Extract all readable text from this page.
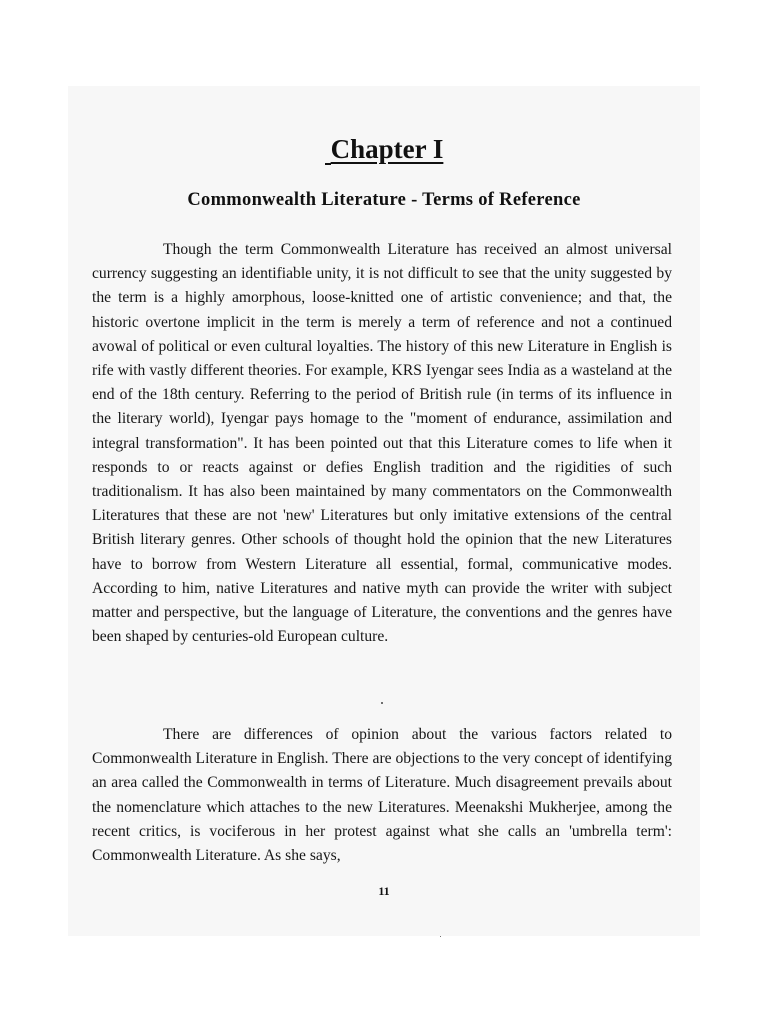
Chapter I
Commonwealth Literature - Terms of Reference

Though the term Commonwealth Literature has received an almost universal currency suggesting an identifiable unity, it is not difficult to see that the unity suggested by the term is a highly amorphous, loose-knitted one of artistic convenience; and that, the historic overtone implicit in the term is merely a term of reference and not a continued avowal of political or even cultural loyalties. The history of this new Literature in English is rife with vastly different theories. For example, KRS Iyengar sees India as a wasteland at the end of the 18th century. Referring to the period of British rule (in terms of its influence in the literary world), Iyengar pays homage to the "moment of endurance, assimilation and integral transformation". It has been pointed out that this Literature comes to life when it responds to or reacts against or defies English tradition and the rigidities of such traditionalism. It has also been maintained by many commentators on the Commonwealth Literatures that these are not 'new' Literatures but only imitative extensions of the central British literary genres. Other schools of thought hold the opinion that the new Literatures have to borrow from Western Literature all essential, formal, communicative modes. According to him, native Literatures and native myth can provide the writer with subject matter and perspective, but the language of Literature, the conventions and the genres have been shaped by centuries-old European culture.

There are differences of opinion about the various factors related to Commonwealth Literature in English. There are objections to the very concept of identifying an area called the Commonwealth in terms of Literature. Much disagreement prevails about the nomenclature which attaches to the new Literatures. Meenakshi Mukherjee, among the recent critics, is vociferous in her protest against what she calls an 'umbrella term': Commonwealth Literature. As she says,

11
